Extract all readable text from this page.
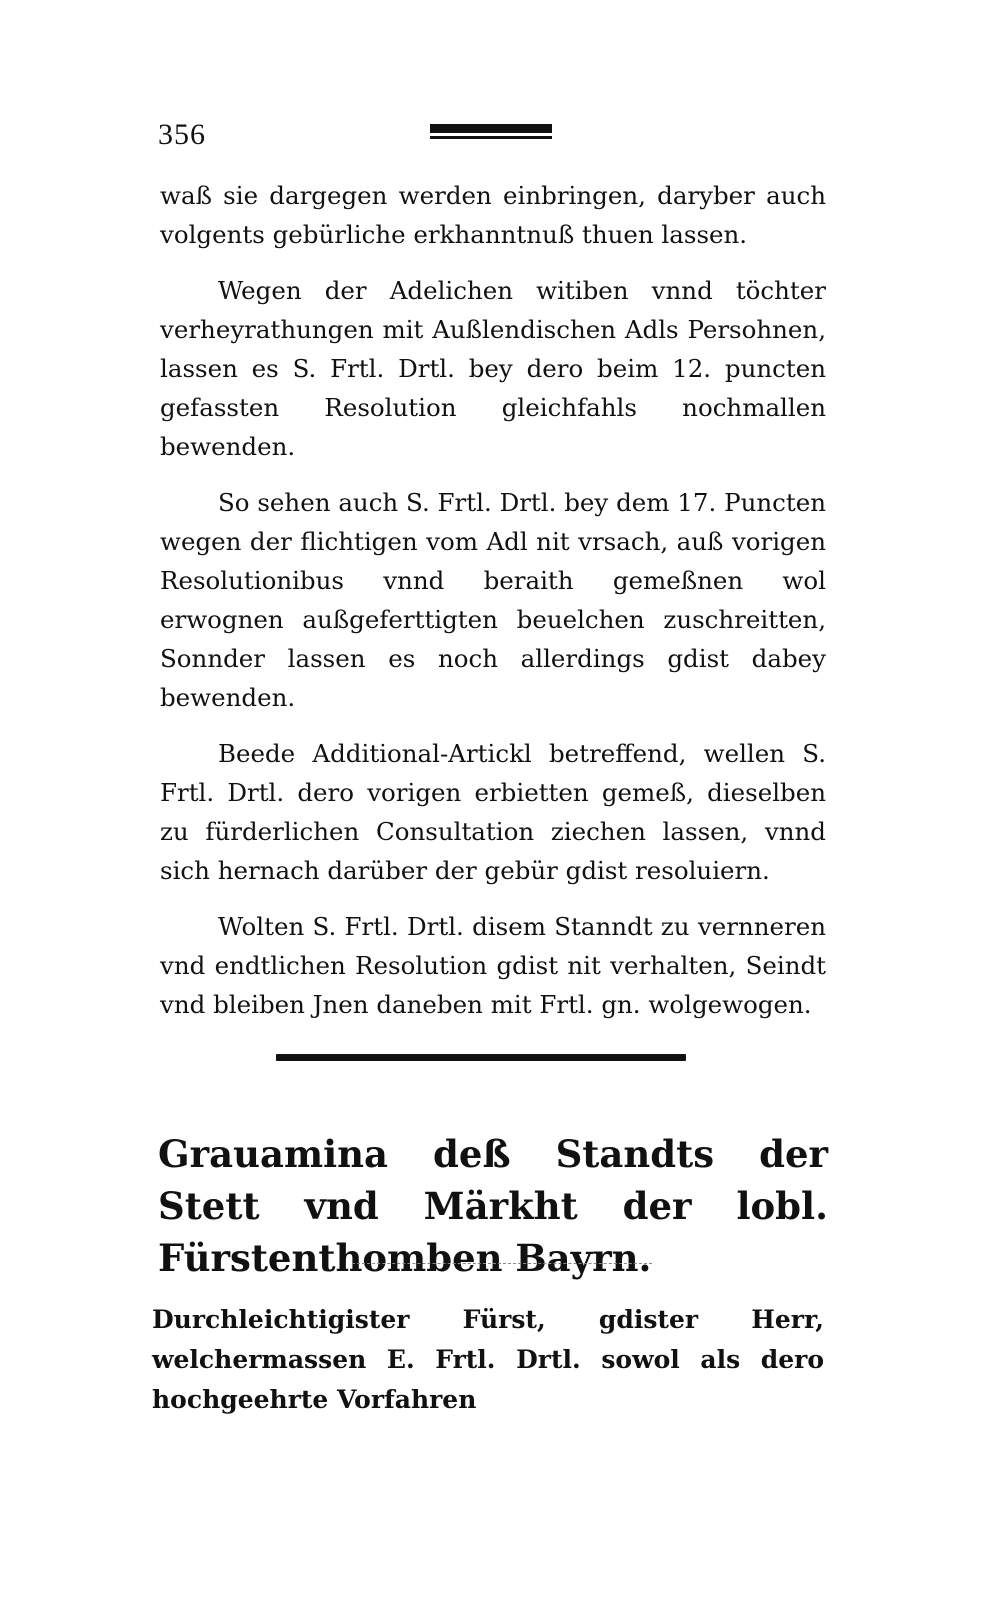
356

waß sie dargegen werden einbringen, daryber auch volgents gebürliche erkhanntnuß thuen lassen.

Wegen der Adelichen witiben vnnd töchter verheyrathungen mit Außlendischen Adls Persohnen, lassen es S. Frtl. Drtl. bey dero beim 12. puncten gefassten Resolution gleichfahls nochmallen bewenden.

So sehen auch S. Frtl. Drtl. bey dem 17. Puncten wegen der flichtigen vom Adl nit vrsach, auß vorigen Resolutionibus vnnd beraith gemeßnen wol erwognen außgeferttigten beuelchen zuschreitten, Sonnder lassen es noch allerdings gdist dabey bewenden.

Beede Additional-Artickl betreffend, wellen S. Frtl. Drtl. dero vorigen erbietten gemeß, dieselben zu fürderlichen Consultation ziechen lassen, vnnd sich hernach darüber der gebür gdist resoluiern.

Wolten S. Frtl. Drtl. disem Stanndt zu vernneren vnd endtlichen Resolution gdist nit verhalten, Seindt vnd bleiben Jnen daneben mit Frtl. gn. wolgewogen.

Grauamina deß Standts der Stett vnd Märkht der lobl. Fürstenthomben Bayrn.
Durchleichtigister Fürst, gdister Herr, welchermassen E. Frtl. Drtl. sowol als dero hochgeehrte Vorfahren
